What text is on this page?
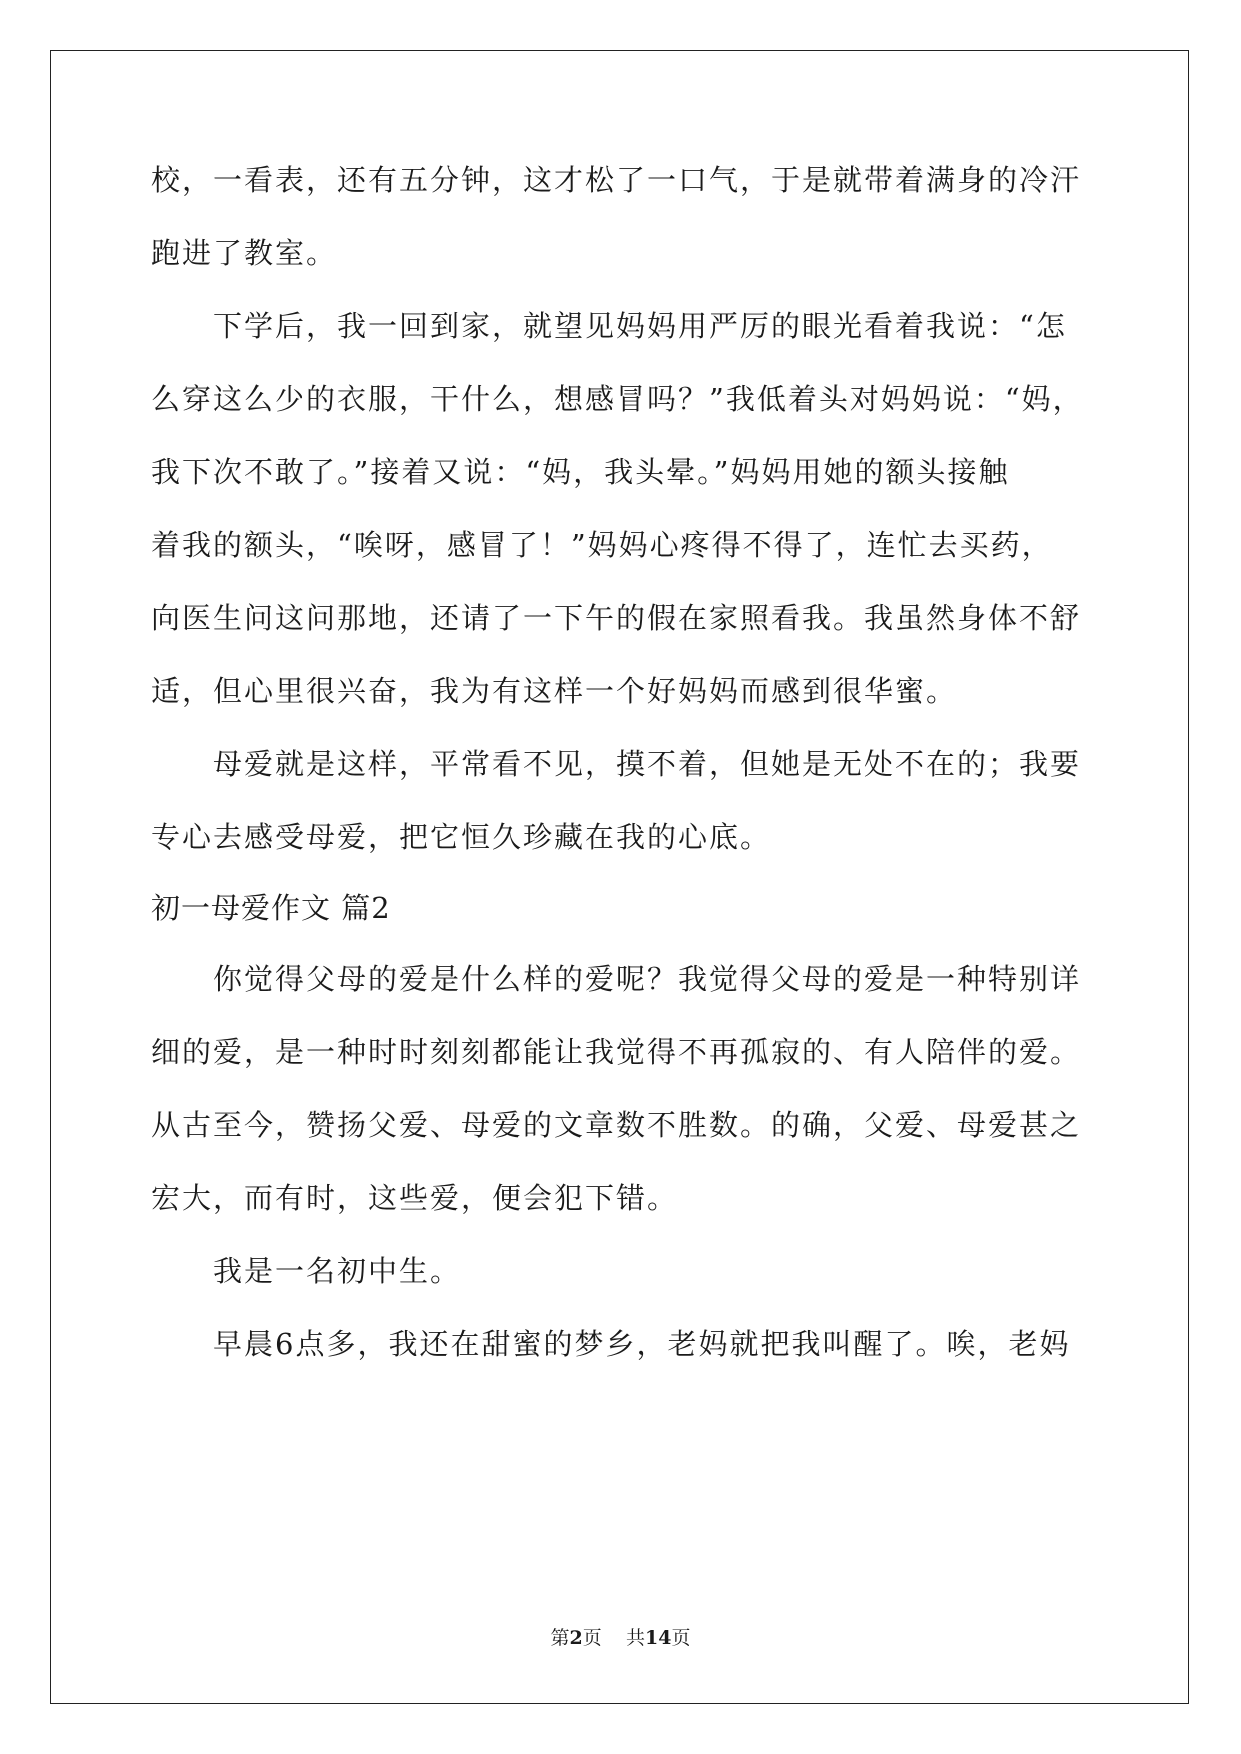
校，一看表，还有五分钟，这才松了一口气，于是就带着满身的冷汗
跑进了教室。
　　下学后，我一回到家，就望见妈妈用严厉的眼光看着我说：“怎
么穿这么少的衣服，干什么，想感冒吗？”我低着头对妈妈说：“妈，
我下次不敢了。”接着又说：“妈，我头晕。”妈妈用她的额头接触
着我的额头，“唉呀，感冒了！”妈妈心疼得不得了，连忙去买药，
向医生问这问那地，还请了一下午的假在家照看我。我虽然身体不舒
适，但心里很兴奋，我为有这样一个好妈妈而感到很华蜜。
　　母爱就是这样，平常看不见，摸不着，但她是无处不在的；我要
专心去感受母爱，把它恒久珍藏在我的心底。
初一母爱作文 篇2
　　你觉得父母的爱是什么样的爱呢？我觉得父母的爱是一种特别详
细的爱，是一种时时刻刻都能让我觉得不再孤寂的、有人陪伴的爱。
从古至今，赞扬父爱、母爱的文章数不胜数。的确，父爱、母爱甚之
宏大，而有时，这些爱，便会犯下错。
　　我是一名初中生。
　　早晨6点多，我还在甜蜜的梦乡，老妈就把我叫醒了。唉，老妈
第2页 共14页
